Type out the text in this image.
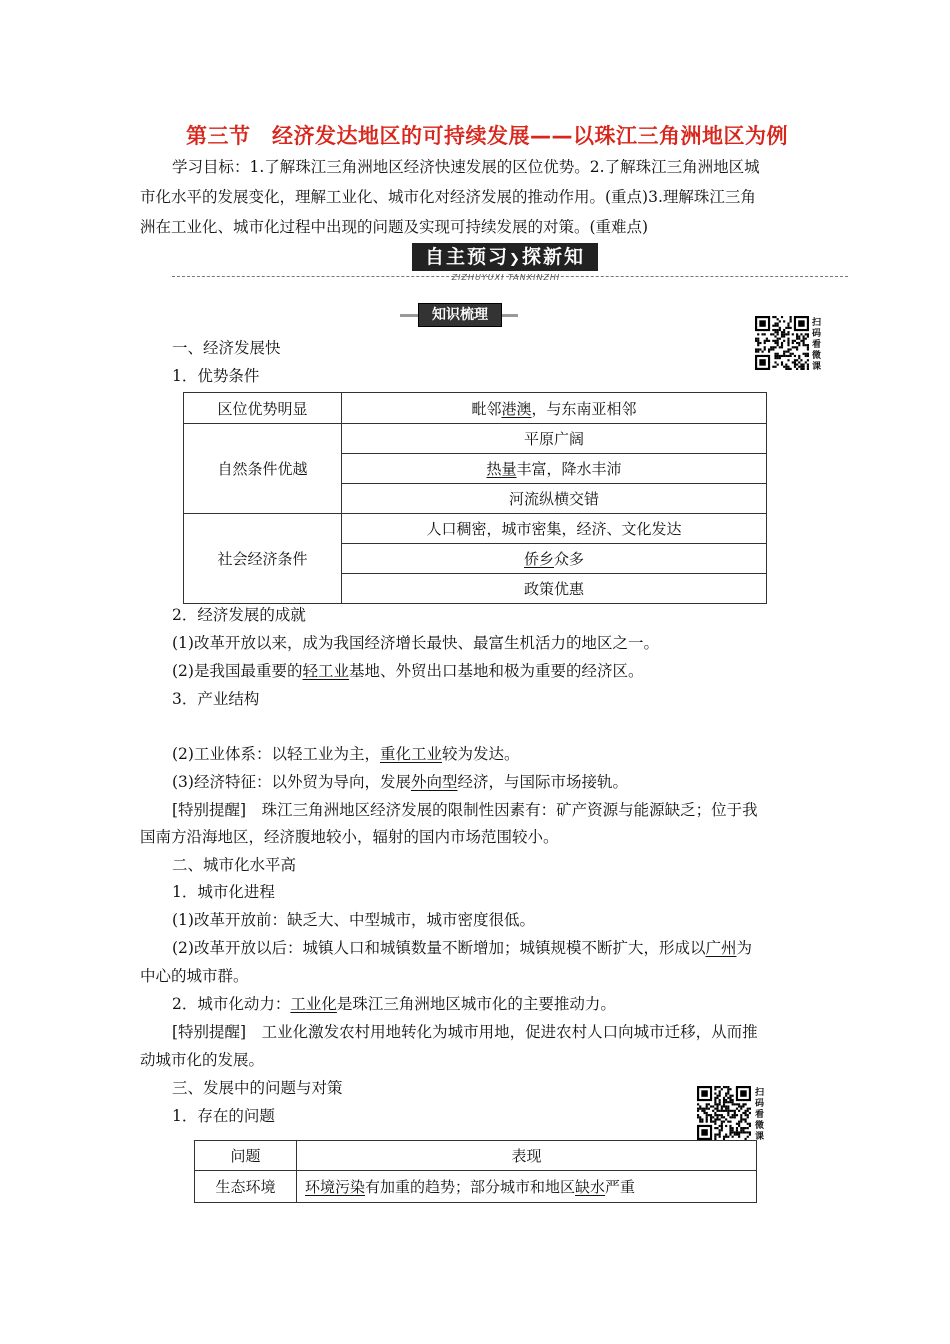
第三节　经济发达地区的可持续发展——以珠江三角洲地区为例
学习目标：1.了解珠江三角洲地区经济快速发展的区位优势。2.了解珠江三角洲地区城
市化水平的发展变化，理解工业化、城市化对经济发展的推动作用。(重点)3.理解珠江三角
洲在工业化、城市化过程中出现的问题及实现可持续发展的对策。(重难点)
自主预习❯探新知
ZIZHUYUXI TANXINZHI
知识梳理	扫码看微课
一、经济发展快
1．优势条件
区位优势明显	毗邻港澳，与东南亚相邻
自然条件优越	平原广阔
	热量丰富，降水丰沛
	河流纵横交错
社会经济条件	人口稠密，城市密集，经济、文化发达
	侨乡众多
	政策优惠
2．经济发展的成就
(1)改革开放以来，成为我国经济增长最快、最富生机活力的地区之一。
(2)是我国最重要的轻工业基地、外贸出口基地和极为重要的经济区。
3．产业结构
(2)工业体系：以轻工业为主，重化工业较为发达。
(3)经济特征：以外贸为导向，发展外向型经济，与国际市场接轨。
[特别提醒]　珠江三角洲地区经济发展的限制性因素有：矿产资源与能源缺乏；位于我
国南方沿海地区，经济腹地较小，辐射的国内市场范围较小。
二、城市化水平高
1．城市化进程
(1)改革开放前：缺乏大、中型城市，城市密度很低。
(2)改革开放以后：城镇人口和城镇数量不断增加；城镇规模不断扩大，形成以广州为
中心的城市群。
2．城市化动力：工业化是珠江三角洲地区城市化的主要推动力。
[特别提醒]　工业化激发农村用地转化为城市用地，促进农村人口向城市迁移，从而推
动城市化的发展。
三、发展中的问题与对策
1．存在的问题
扫码看微课
问题	表现
生态环境	环境污染有加重的趋势；部分城市和地区缺水严重
